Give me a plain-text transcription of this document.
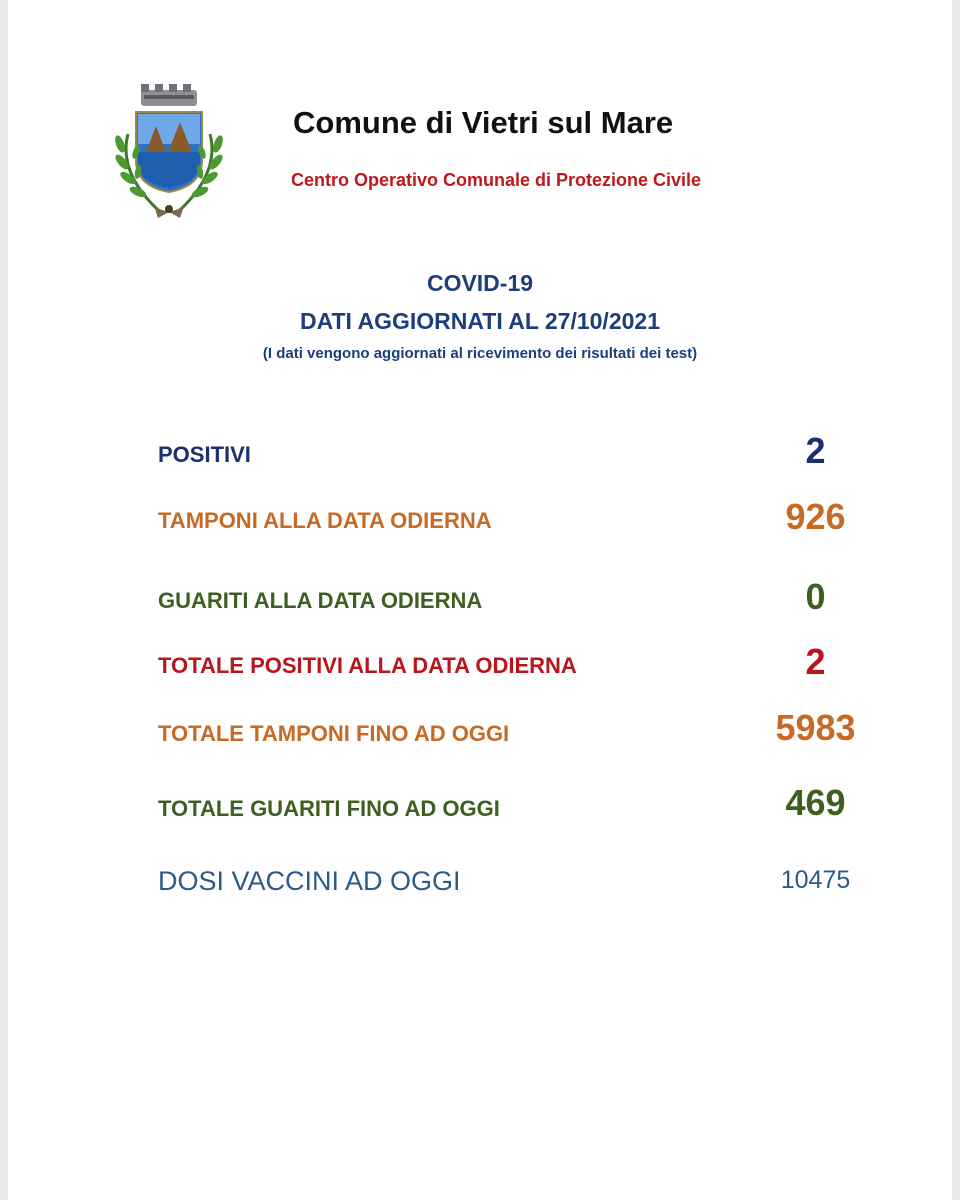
Comune di Vietri sul Mare
Centro Operativo Comunale di Protezione Civile
COVID-19
DATI AGGIORNATI AL 27/10/2021
(I dati vengono aggiornati al ricevimento dei risultati dei test)
POSITIVI	2
TAMPONI ALLA DATA ODIERNA	926
GUARITI ALLA DATA ODIERNA	0
TOTALE POSITIVI ALLA DATA ODIERNA	2
TOTALE TAMPONI FINO AD OGGI	5983
TOTALE GUARITI FINO AD OGGI	469
DOSI VACCINI AD OGGI	10475
